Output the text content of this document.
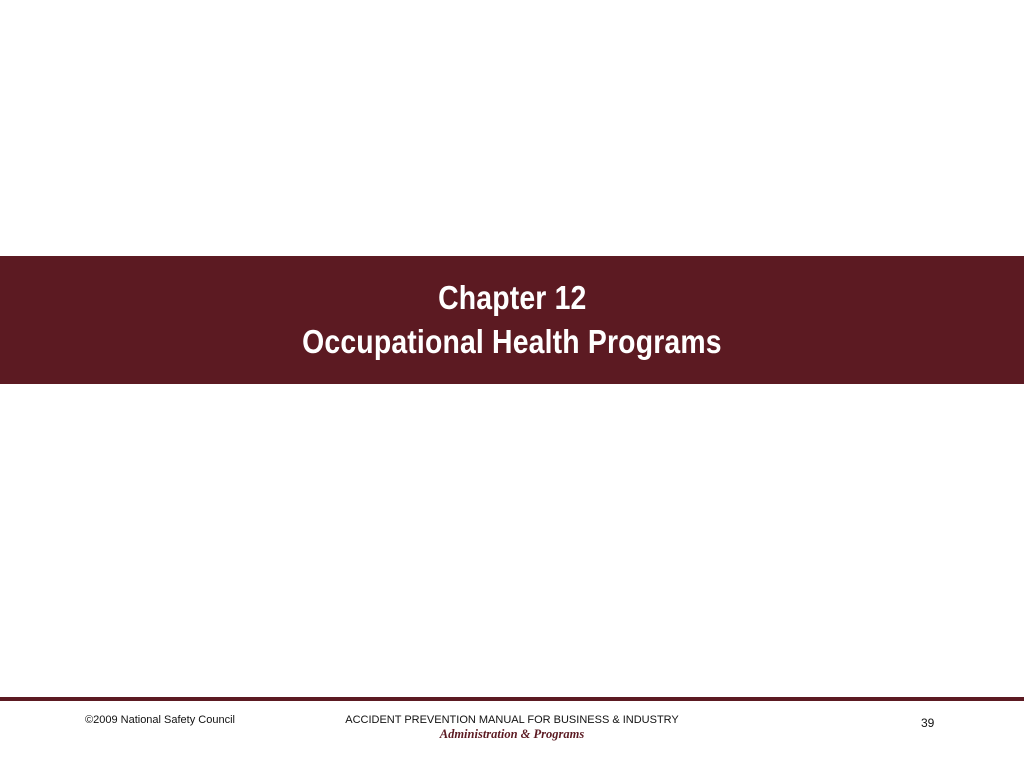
Chapter 12
Occupational Health Programs
©2009 National Safety Council	ACCIDENT PREVENTION MANUAL FOR BUSINESS & INDUSTRY
Administration & Programs
39
